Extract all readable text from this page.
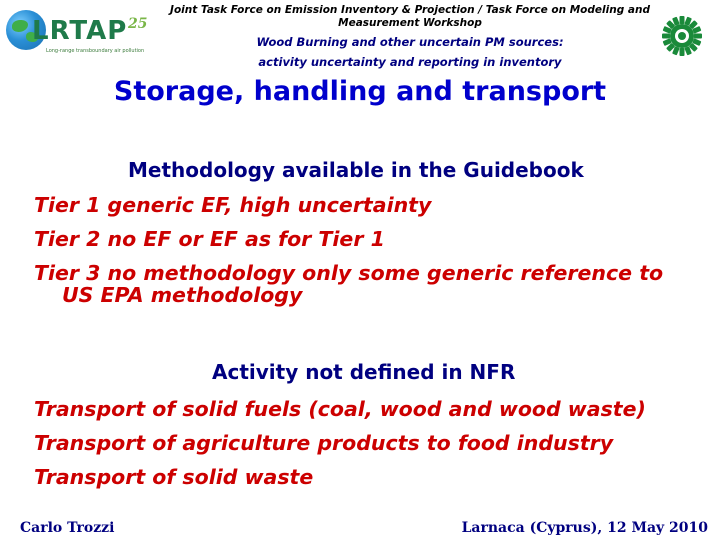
LRTAP 25
Long-range transboundary air pollution
Joint Task Force on Emission Inventory & Projection / Task Force on Modeling and
Measurement Workshop
Wood Burning and other uncertain PM sources:
activity uncertainty and reporting in inventory
Storage, handling and transport
Methodology available in the Guidebook
Tier 1 generic EF, high uncertainty
Tier 2 no EF or EF as for Tier 1
Tier 3 no methodology only some generic reference to
US EPA methodology
Activity not defined in NFR
Transport of solid fuels (coal, wood and wood waste)
Transport of agriculture products to food industry
Transport of solid waste
Carlo Trozzi	Larnaca (Cyprus), 12 May 2010
